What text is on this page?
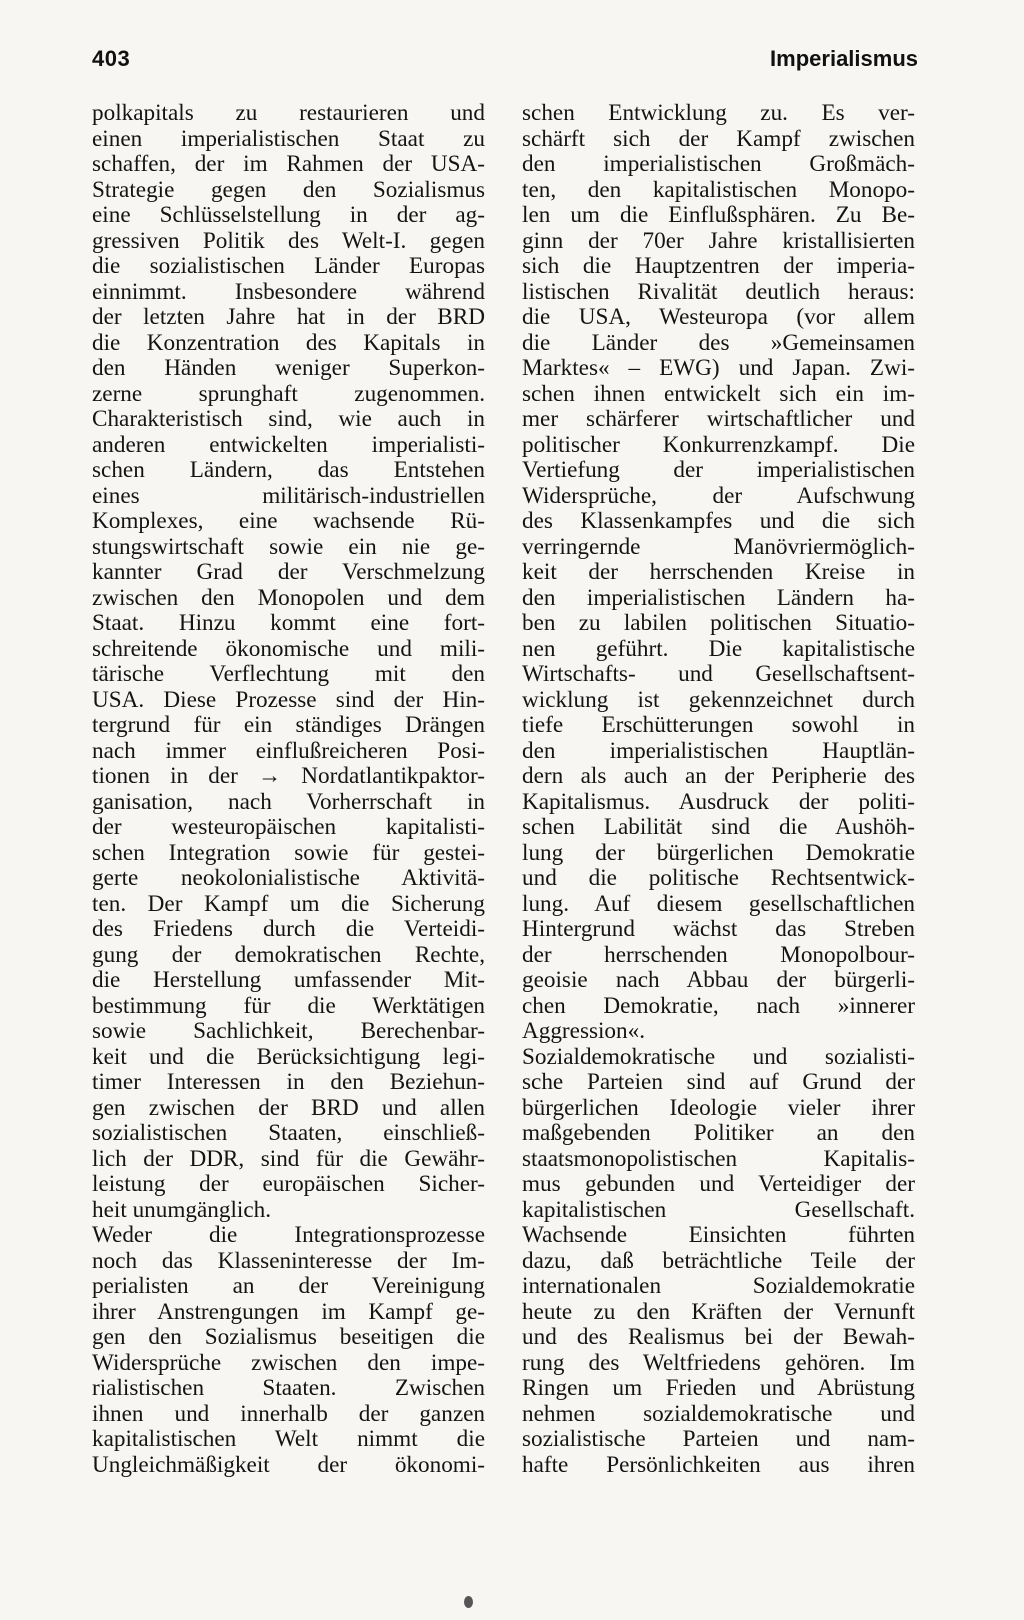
403	Imperialismus
polkapitals zu restaurieren und
einen imperialistischen Staat zu
schaffen, der im Rahmen der USA-
Strategie gegen den Sozialismus
eine Schlüsselstellung in der ag-
gressiven Politik des Welt-I. gegen
die sozialistischen Länder Europas
einnimmt. Insbesondere während
der letzten Jahre hat in der BRD
die Konzentration des Kapitals in
den Händen weniger Superkon-
zerne sprunghaft zugenommen.
Charakteristisch sind, wie auch in
anderen entwickelten imperialisti-
schen Ländern, das Entstehen
eines militärisch-industriellen
Komplexes, eine wachsende Rü-
stungswirtschaft sowie ein nie ge-
kannter Grad der Verschmelzung
zwischen den Monopolen und dem
Staat. Hinzu kommt eine fort-
schreitende ökonomische und mili-
tärische Verflechtung mit den
USA. Diese Prozesse sind der Hin-
tergrund für ein ständiges Drängen
nach immer einflußreicheren Posi-
tionen in der → Nordatlantikpaktor-
ganisation, nach Vorherrschaft in
der westeuropäischen kapitalisti-
schen Integration sowie für gestei-
gerte neokolonialistische Aktivitä-
ten. Der Kampf um die Sicherung
des Friedens durch die Verteidi-
gung der demokratischen Rechte,
die Herstellung umfassender Mit-
bestimmung für die Werktätigen
sowie Sachlichkeit, Berechenbar-
keit und die Berücksichtigung legi-
timer Interessen in den Beziehun-
gen zwischen der BRD und allen
sozialistischen Staaten, einschließ-
lich der DDR, sind für die Gewähr-
leistung der europäischen Sicher-
heit unumgänglich.
Weder die Integrationsprozesse
noch das Klasseninteresse der Im-
perialisten an der Vereinigung
ihrer Anstrengungen im Kampf ge-
gen den Sozialismus beseitigen die
Widersprüche zwischen den impe-
rialistischen Staaten. Zwischen
ihnen und innerhalb der ganzen
kapitalistischen Welt nimmt die
Ungleichmäßigkeit der ökonomi-
schen Entwicklung zu. Es ver-
schärft sich der Kampf zwischen
den imperialistischen Großmäch-
ten, den kapitalistischen Monopo-
len um die Einflußsphären. Zu Be-
ginn der 70er Jahre kristallisierten
sich die Hauptzentren der imperia-
listischen Rivalität deutlich heraus:
die USA, Westeuropa (vor allem
die Länder des »Gemeinsamen
Marktes« – EWG) und Japan. Zwi-
schen ihnen entwickelt sich ein im-
mer schärferer wirtschaftlicher und
politischer Konkurrenzkampf. Die
Vertiefung der imperialistischen
Widersprüche, der Aufschwung
des Klassenkampfes und die sich
verringernde Manövriermöglich-
keit der herrschenden Kreise in
den imperialistischen Ländern ha-
ben zu labilen politischen Situatio-
nen geführt. Die kapitalistische
Wirtschafts- und Gesellschaftsent-
wicklung ist gekennzeichnet durch
tiefe Erschütterungen sowohl in
den imperialistischen Hauptlän-
dern als auch an der Peripherie des
Kapitalismus. Ausdruck der politi-
schen Labilität sind die Aushöh-
lung der bürgerlichen Demokratie
und die politische Rechtsentwick-
lung. Auf diesem gesellschaftlichen
Hintergrund wächst das Streben
der herrschenden Monopolbour-
geoisie nach Abbau der bürgerli-
chen Demokratie, nach »innerer
Aggression«.
Sozialdemokratische und sozialisti-
sche Parteien sind auf Grund der
bürgerlichen Ideologie vieler ihrer
maßgebenden Politiker an den
staatsmonopolistischen Kapitalis-
mus gebunden und Verteidiger der
kapitalistischen Gesellschaft.
Wachsende Einsichten führten
dazu, daß beträchtliche Teile der
internationalen Sozialdemokratie
heute zu den Kräften der Vernunft
und des Realismus bei der Bewah-
rung des Weltfriedens gehören. Im
Ringen um Frieden und Abrüstung
nehmen sozialdemokratische und
sozialistische Parteien und nam-
hafte Persönlichkeiten aus ihren
